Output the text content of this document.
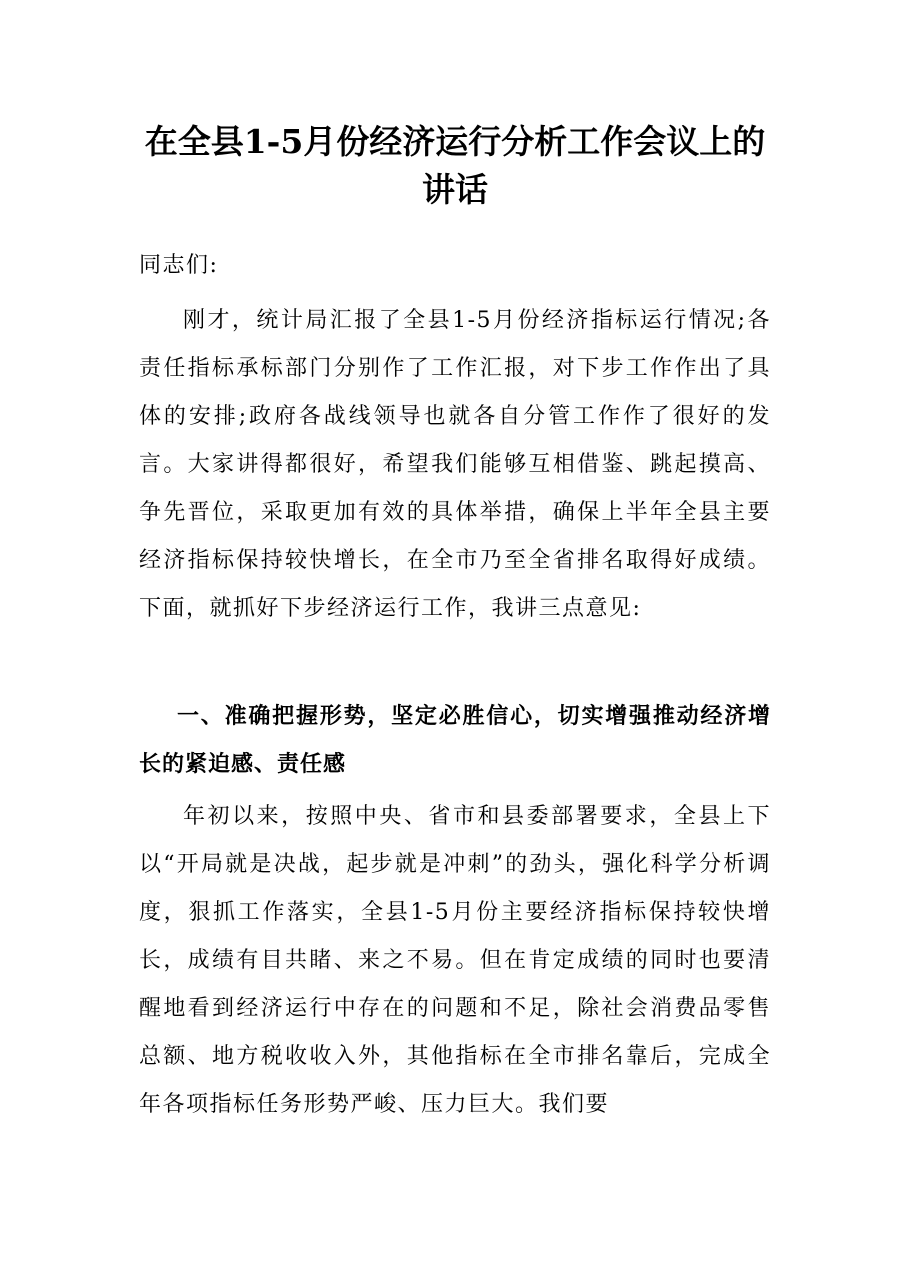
在全县1-5月份经济运行分析工作会议上的讲话

同志们:

刚才，统计局汇报了全县1-5月份经济指标运行情况;各责任指标承标部门分别作了工作汇报，对下步工作作出了具体的安排;政府各战线领导也就各自分管工作作了很好的发言。大家讲得都很好，希望我们能够互相借鉴、跳起摸高、争先晋位，采取更加有效的具体举措，确保上半年全县主要经济指标保持较快增长，在全市乃至全省排名取得好成绩。下面，就抓好下步经济运行工作，我讲三点意见:

一、准确把握形势，坚定必胜信心，切实增强推动经济增长的紧迫感、责任感

年初以来，按照中央、省市和县委部署要求，全县上下以“开局就是决战，起步就是冲刺”的劲头，强化科学分析调度，狠抓工作落实，全县1-5月份主要经济指标保持较快增长，成绩有目共睹、来之不易。但在肯定成绩的同时也要清醒地看到经济运行中存在的问题和不足，除社会消费品零售总额、地方税收收入外，其他指标在全市排名靠后，完成全年各项指标任务形势严峻、压力巨大。我们要
